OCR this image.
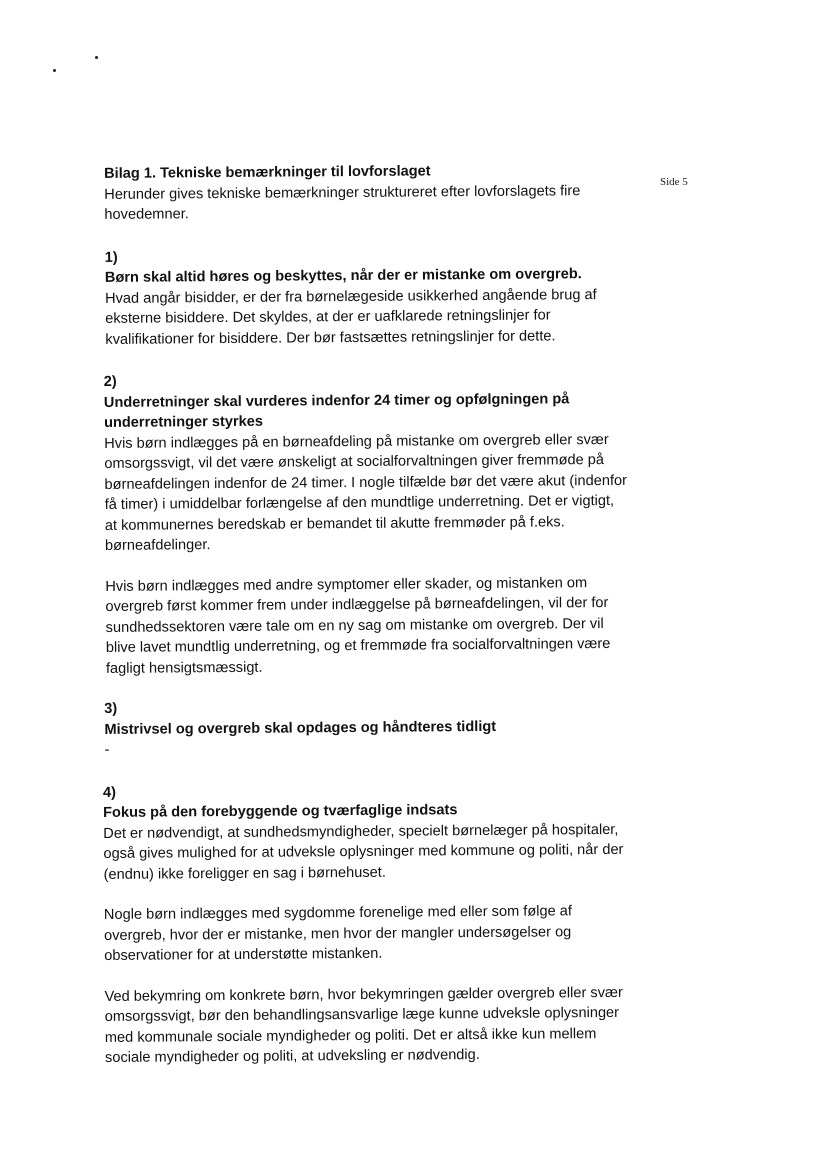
Side 5

Bilag 1. Tekniske bemærkninger til lovforslaget

Herunder gives tekniske bemærkninger struktureret efter lovforslagets fire hovedemner.

1)

Børn skal altid høres og beskyttes, når der er mistanke om overgreb.

Hvad angår bisidder, er der fra børnelægeside usikkerhed angående brug af eksterne bisiddere. Det skyldes, at der er uafklarede retningslinjer for kvalifikationer for bisiddere. Der bør fastsættes retningslinjer for dette.

2)

Underretninger skal vurderes indenfor 24 timer og opfølgningen på underretninger styrkes

Hvis børn indlægges på en børneafdeling på mistanke om overgreb eller svær omsorgssvigt, vil det være ønskeligt at socialforvaltningen giver fremmøde på børneafdelingen indenfor de 24 timer. I nogle tilfælde bør det være akut (indenfor få timer) i umiddelbar forlængelse af den mundtlige underretning. Det er vigtigt, at kommunernes beredskab er bemandet til akutte fremmøder på f.eks. børneafdelinger.

Hvis børn indlægges med andre symptomer eller skader, og mistanken om overgreb først kommer frem under indlæggelse på børneafdelingen, vil der for sundhedssektoren være tale om en ny sag om mistanke om overgreb. Der vil blive lavet mundtlig underretning, og et fremmøde fra socialforvaltningen være fagligt hensigtsmæssigt.

3)

Mistrivsel og overgreb skal opdages og håndteres tidligt

-

4)

Fokus på den forebyggende og tværfaglige indsats

Det er nødvendigt, at sundhedsmyndigheder, specielt børnelæger på hospitaler, også gives mulighed for at udveksle oplysninger med kommune og politi, når der (endnu) ikke foreligger en sag i børnehuset.

Nogle børn indlægges med sygdomme forenelige med eller som følge af overgreb, hvor der er mistanke, men hvor der mangler undersøgelser og observationer for at understøtte mistanken.

Ved bekymring om konkrete børn, hvor bekymringen gælder overgreb eller svær omsorgssvigt, bør den behandlingsansvarlige læge kunne udveksle oplysninger med kommunale sociale myndigheder og politi. Det er altså ikke kun mellem sociale myndigheder og politi, at udveksling er nødvendig.
